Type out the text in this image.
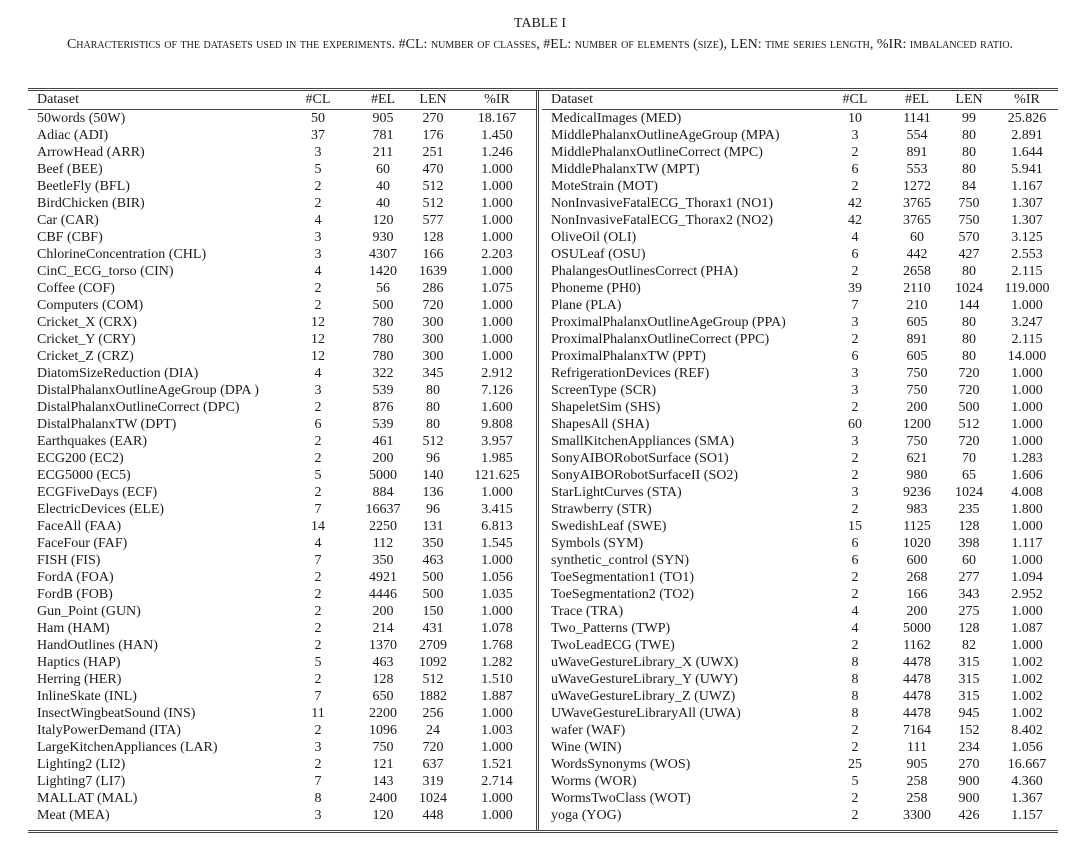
TABLE I
Characteristics of the datasets used in the experiments. #CL: number of classes, #EL: number of elements (size), LEN: time series length, %IR: imbalanced ratio.
Dataset	#CL	#EL	LEN	%IR
50words (50W)	50	905	270	18.167
Adiac (ADI)	37	781	176	1.450
ArrowHead (ARR)	3	211	251	1.246
Beef (BEE)	5	60	470	1.000
BeetleFly (BFL)	2	40	512	1.000
BirdChicken (BIR)	2	40	512	1.000
Car (CAR)	4	120	577	1.000
CBF (CBF)	3	930	128	1.000
ChlorineConcentration (CHL)	3	4307	166	2.203
CinC_ECG_torso (CIN)	4	1420	1639	1.000
Coffee (COF)	2	56	286	1.075
Computers (COM)	2	500	720	1.000
Cricket_X (CRX)	12	780	300	1.000
Cricket_Y (CRY)	12	780	300	1.000
Cricket_Z (CRZ)	12	780	300	1.000
DiatomSizeReduction (DIA)	4	322	345	2.912
DistalPhalanxOutlineAgeGroup (DPA )	3	539	80	7.126
DistalPhalanxOutlineCorrect (DPC)	2	876	80	1.600
DistalPhalanxTW (DPT)	6	539	80	9.808
Earthquakes (EAR)	2	461	512	3.957
ECG200 (EC2)	2	200	96	1.985
ECG5000 (EC5)	5	5000	140	121.625
ECGFiveDays (ECF)	2	884	136	1.000
ElectricDevices (ELE)	7	16637	96	3.415
FaceAll (FAA)	14	2250	131	6.813
FaceFour (FAF)	4	112	350	1.545
FISH (FIS)	7	350	463	1.000
FordA (FOA)	2	4921	500	1.056
FordB (FOB)	2	4446	500	1.035
Gun_Point (GUN)	2	200	150	1.000
Ham (HAM)	2	214	431	1.078
HandOutlines (HAN)	2	1370	2709	1.768
Haptics (HAP)	5	463	1092	1.282
Herring (HER)	2	128	512	1.510
InlineSkate (INL)	7	650	1882	1.887
InsectWingbeatSound (INS)	11	2200	256	1.000
ItalyPowerDemand (ITA)	2	1096	24	1.003
LargeKitchenAppliances (LAR)	3	750	720	1.000
Lighting2 (LI2)	2	121	637	1.521
Lighting7 (LI7)	7	143	319	2.714
MALLAT (MAL)	8	2400	1024	1.000
Meat (MEA)	3	120	448	1.000
Dataset	#CL	#EL	LEN	%IR
MedicalImages (MED)	10	1141	99	25.826
MiddlePhalanxOutlineAgeGroup (MPA)	3	554	80	2.891
MiddlePhalanxOutlineCorrect (MPC)	2	891	80	1.644
MiddlePhalanxTW (MPT)	6	553	80	5.941
MoteStrain (MOT)	2	1272	84	1.167
NonInvasiveFatalECG_Thorax1 (NO1)	42	3765	750	1.307
NonInvasiveFatalECG_Thorax2 (NO2)	42	3765	750	1.307
OliveOil (OLI)	4	60	570	3.125
OSULeaf (OSU)	6	442	427	2.553
PhalangesOutlinesCorrect (PHA)	2	2658	80	2.115
Phoneme (PH0)	39	2110	1024	119.000
Plane (PLA)	7	210	144	1.000
ProximalPhalanxOutlineAgeGroup (PPA)	3	605	80	3.247
ProximalPhalanxOutlineCorrect (PPC)	2	891	80	2.115
ProximalPhalanxTW (PPT)	6	605	80	14.000
RefrigerationDevices (REF)	3	750	720	1.000
ScreenType (SCR)	3	750	720	1.000
ShapeletSim (SHS)	2	200	500	1.000
ShapesAll (SHA)	60	1200	512	1.000
SmallKitchenAppliances (SMA)	3	750	720	1.000
SonyAIBORobotSurface (SO1)	2	621	70	1.283
SonyAIBORobotSurfaceII (SO2)	2	980	65	1.606
StarLightCurves (STA)	3	9236	1024	4.008
Strawberry (STR)	2	983	235	1.800
SwedishLeaf (SWE)	15	1125	128	1.000
Symbols (SYM)	6	1020	398	1.117
synthetic_control (SYN)	6	600	60	1.000
ToeSegmentation1 (TO1)	2	268	277	1.094
ToeSegmentation2 (TO2)	2	166	343	2.952
Trace (TRA)	4	200	275	1.000
Two_Patterns (TWP)	4	5000	128	1.087
TwoLeadECG (TWE)	2	1162	82	1.000
uWaveGestureLibrary_X (UWX)	8	4478	315	1.002
uWaveGestureLibrary_Y (UWY)	8	4478	315	1.002
uWaveGestureLibrary_Z (UWZ)	8	4478	315	1.002
UWaveGestureLibraryAll (UWA)	8	4478	945	1.002
wafer (WAF)	2	7164	152	8.402
Wine (WIN)	2	111	234	1.056
WordsSynonyms (WOS)	25	905	270	16.667
Worms (WOR)	5	258	900	4.360
WormsTwoClass (WOT)	2	258	900	1.367
yoga (YOG)	2	3300	426	1.157
